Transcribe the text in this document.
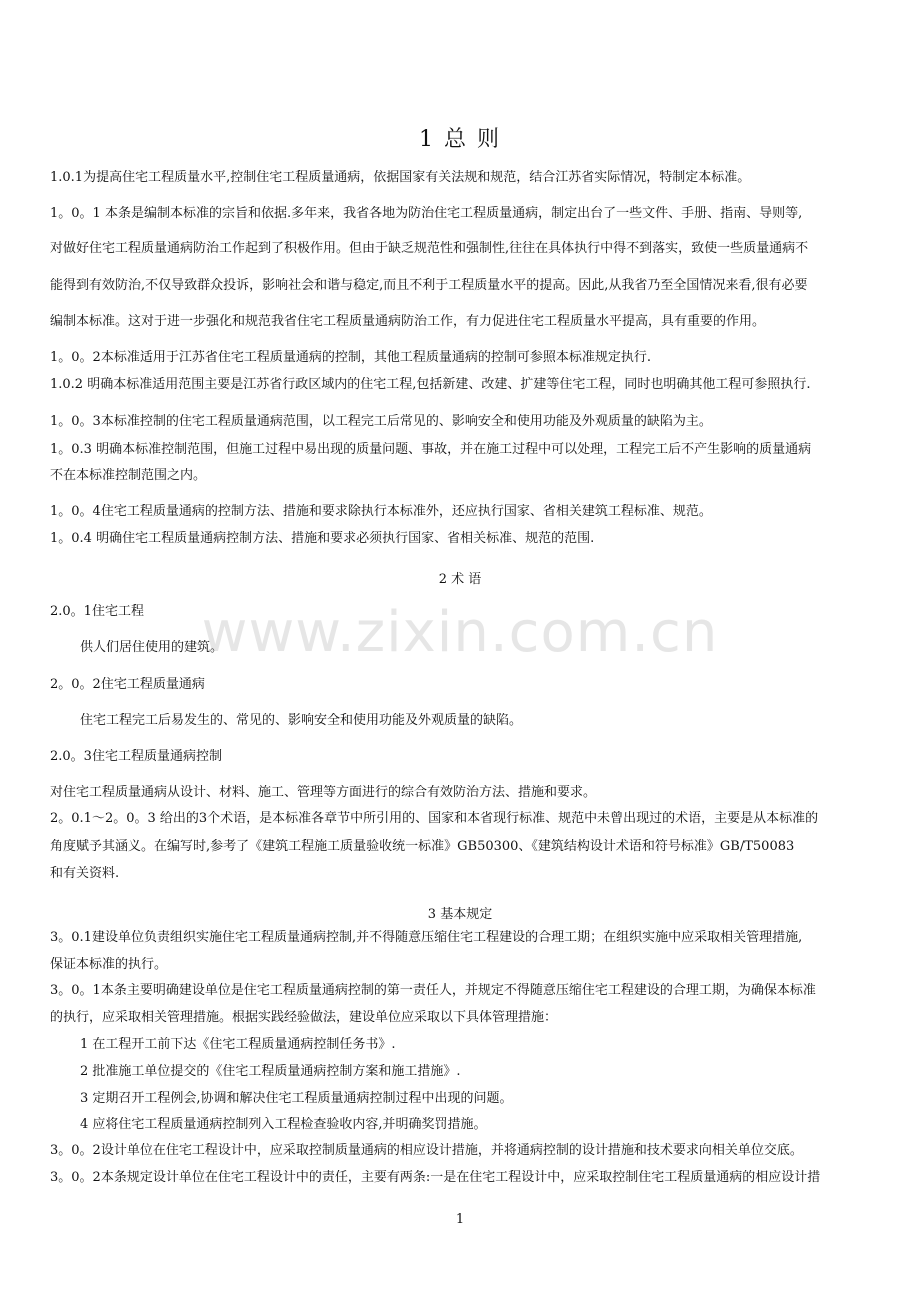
www.zixin.com.cn
1 总 则
1.0.1为提高住宅工程质量水平,控制住宅工程质量通病，依据国家有关法规和规范，结合江苏省实际情况，特制定本标准。
1。0。1 本条是编制本标准的宗旨和依据.多年来，我省各地为防治住宅工程质量通病，制定出台了一些文件、手册、指南、导则等,
对做好住宅工程质量通病防治工作起到了积极作用。但由于缺乏规范性和强制性,往往在具体执行中得不到落实，致使一些质量通病不
能得到有效防治,不仅导致群众投诉，影响社会和谐与稳定,而且不利于工程质量水平的提高。因此,从我省乃至全国情况来看,很有必要
编制本标准。这对于进一步强化和规范我省住宅工程质量通病防治工作，有力促进住宅工程质量水平提高，具有重要的作用。
1。0。2本标准适用于江苏省住宅工程质量通病的控制，其他工程质量通病的控制可参照本标准规定执行.
1.0.2 明确本标准适用范围主要是江苏省行政区域内的住宅工程,包括新建、改建、扩建等住宅工程，同时也明确其他工程可参照执行.
1。0。3本标准控制的住宅工程质量通病范围，以工程完工后常见的、影响安全和使用功能及外观质量的缺陷为主。
1。0.3 明确本标准控制范围，但施工过程中易出现的质量问题、事故，并在施工过程中可以处理，工程完工后不产生影响的质量通病
不在本标准控制范围之内。
1。0。4住宅工程质量通病的控制方法、措施和要求除执行本标准外，还应执行国家、省相关建筑工程标准、规范。
1。0.4 明确住宅工程质量通病控制方法、措施和要求必须执行国家、省相关标准、规范的范围.
2 术 语
2.0。1住宅工程
供人们居住使用的建筑。
2。0。2住宅工程质量通病
住宅工程完工后易发生的、常见的、影响安全和使用功能及外观质量的缺陷。
2.0。3住宅工程质量通病控制
对住宅工程质量通病从设计、材料、施工、管理等方面进行的综合有效防治方法、措施和要求。
2。0.1～2。0。3 给出的3个术语，是本标准各章节中所引用的、国家和本省现行标准、规范中未曾出现过的术语，主要是从本标准的
角度赋予其涵义。在编写时,参考了《建筑工程施工质量验收统一标准》GB50300、《建筑结构设计术语和符号标准》GB/T50083
和有关资料.
3 基本规定
3。0.1建设单位负责组织实施住宅工程质量通病控制,并不得随意压缩住宅工程建设的合理工期；在组织实施中应采取相关管理措施,
保证本标准的执行。
3。0。1本条主要明确建设单位是住宅工程质量通病控制的第一责任人，并规定不得随意压缩住宅工程建设的合理工期，为确保本标准
的执行，应采取相关管理措施。根据实践经验做法，建设单位应采取以下具体管理措施：
1 在工程开工前下达《住宅工程质量通病控制任务书》.
2 批准施工单位提交的《住宅工程质量通病控制方案和施工措施》.
3 定期召开工程例会,协调和解决住宅工程质量通病控制过程中出现的问题。
4 应将住宅工程质量通病控制列入工程检查验收内容,并明确奖罚措施。
3。0。2设计单位在住宅工程设计中，应采取控制质量通病的相应设计措施，并将通病控制的设计措施和技术要求向相关单位交底。
3。0。2本条规定设计单位在住宅工程设计中的责任，主要有两条:一是在住宅工程设计中，应采取控制住宅工程质量通病的相应设计措
1
